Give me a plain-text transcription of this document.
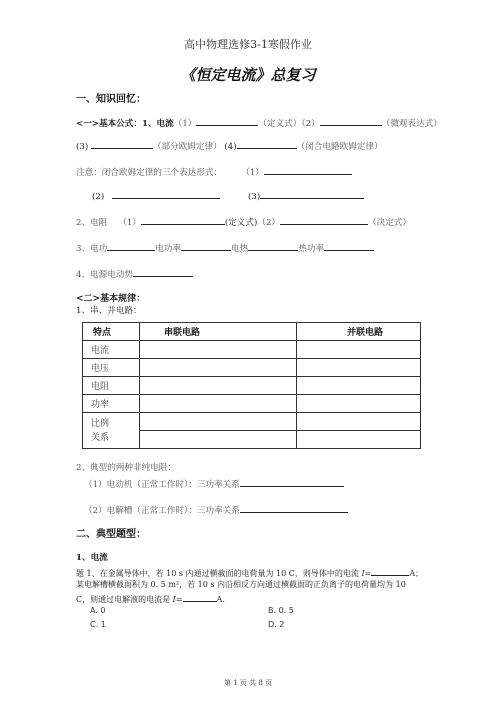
高中物理选修3-1寒假作业
《恒定电流》总复习
一、知识回忆：
<一>基本公式：1、电流（1）	（定义式）（2）	（微观表达式）
(3)	（部分欧姆定律） (4)	（闭合电路欧姆定律）
注意：闭合欧姆定律的三个表达形式： （1）
(2)	(3)
2、电阻 （1）	(定义式)（2）	（决定式）
3、电功	电功率	电热	热功率
4、电源电动势
<二>基本规律：
1、串、并电路：
特点	串联电路	并联电路
电流		
电压		
电阻		
功率		
比例
关系		

2、典型的两种非纯电阻：
（1）电动机（正常工作时）：三功率关系
（2）电解槽（正常工作时）：三功率关系
二、典型题型：
1、电流
题 1、在金属导体中，若 10 s 内通过横截面的电荷量为 10 C，则导体中的电流 I=	A；
某电解槽横截面积为 0. 5 m²，若 10 s 内沿相反方向通过横截面的正负离子的电荷量均为 10
C，则通过电解液的电流是 I=	A.
A. 0	B. 0. 5
C. 1	D. 2
第 1 页 共 8 页
